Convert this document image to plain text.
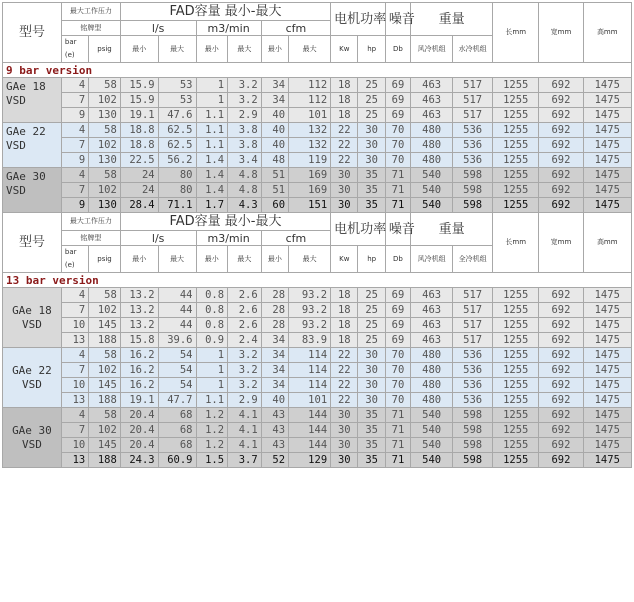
型号	最大工作压力		FAD容量 最小-最大						电机功率		噪音	重量		长mm	宽mm	高mm
	铭牌型		l/s		m3/min		cfm									

	bar
(e)	psig	最小	最大	最小	最大	最小	最大	Kw	hp	Db	风冷机组	水冷机组			

9 bar version																
GAe 18 VSD	4	58	15.9	53	1	3.2	34	112	18	25	69	463	517	1255	692	1475
	7	102	15.9	53	1	3.2	34	112	18	25	69	463	517	1255	692	1475
	9	130	19.1	47.6	1.1	2.9	40	101	18	25	69	463	517	1255	692	1475
GAe 22 VSD	4	58	18.8	62.5	1.1	3.8	40	132	22	30	70	480	536	1255	692	1475
	7	102	18.8	62.5	1.1	3.8	40	132	22	30	70	480	536	1255	692	1475
	9	130	22.5	56.2	1.4	3.4	48	119	22	30	70	480	536	1255	692	1475
GAe 30 VSD	4	58	24	80	1.4	4.8	51	169	30	35	71	540	598	1255	692	1475
	7	102	24	80	1.4	4.8	51	169	30	35	71	540	598	1255	692	1475
	9	130	28.4	71.1	1.7	4.3	60	151	30	35	71	540	598	1255	692	1475
型号	最大工作压力		FAD容量 最小-最大						电机功率		噪音	重量		长mm	宽mm	高mm
	铭牌型		l/s		m3/min		cfm									

	bar
(e)	psig	最小	最大	最小	最大	最小	最大	Kw	hp	Db	风冷机组	全冷机组			

13 bar version																
GAe 18 VSD	4	58	13.2	44	0.8	2.6	28	93.2	18	25	69	463	517	1255	692	1475
	7	102	13.2	44	0.8	2.6	28	93.2	18	25	69	463	517	1255	692	1475
	10	145	13.2	44	0.8	2.6	28	93.2	18	25	69	463	517	1255	692	1475
	13	188	15.8	39.6	0.9	2.4	34	83.9	18	25	69	463	517	1255	692	1475
GAe 22 VSD	4	58	16.2	54	1	3.2	34	114	22	30	70	480	536	1255	692	1475
	7	102	16.2	54	1	3.2	34	114	22	30	70	480	536	1255	692	1475
	10	145	16.2	54	1	3.2	34	114	22	30	70	480	536	1255	692	1475
	13	188	19.1	47.7	1.1	2.9	40	101	22	30	70	480	536	1255	692	1475
GAe 30 VSD	4	58	20.4	68	1.2	4.1	43	144	30	35	71	540	598	1255	692	1475
	7	102	20.4	68	1.2	4.1	43	144	30	35	71	540	598	1255	692	1475
	10	145	20.4	68	1.2	4.1	43	144	30	35	71	540	598	1255	692	1475
	13	188	24.3	60.9	1.5	3.7	52	129	30	35	71	540	598	1255	692	1475
